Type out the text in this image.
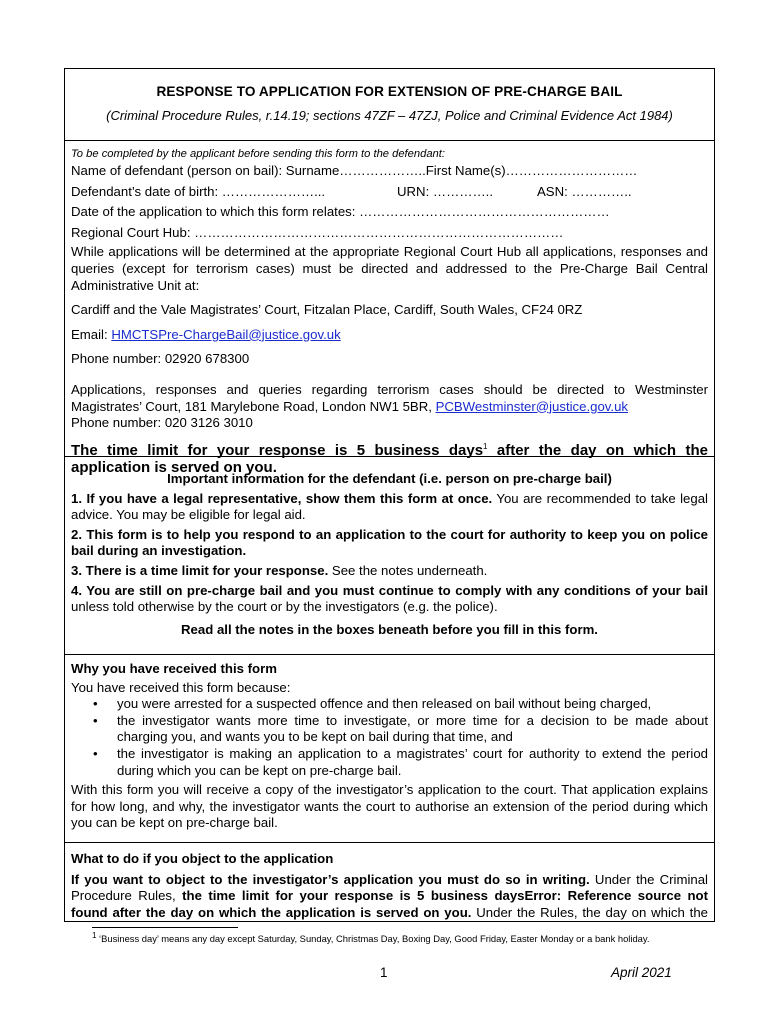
RESPONSE TO APPLICATION FOR EXTENSION OF PRE-CHARGE BAIL
(Criminal Procedure Rules, r.14.19; sections 47ZF – 47ZJ, Police and Criminal Evidence Act 1984)
To be completed by the applicant before sending this form to the defendant:
Name of defendant (person on bail): Surname………………..First Name(s)…………………………
Defendant’s date of birth: …………………...	URN: …………..	ASN: …………..
Date of the application to which this form relates: …………………………………………………
Regional Court Hub: …………………………………………………………………………
While applications will be determined at the appropriate Regional Court Hub all applications, responses and queries (except for terrorism cases) must be directed and addressed to the Pre-Charge Bail Central Administrative Unit at:
Cardiff and the Vale Magistrates’ Court, Fitzalan Place, Cardiff, South Wales, CF24 0RZ
Email: HMCTSPre-ChargeBail@justice.gov.uk
Phone number: 02920 678300
Applications, responses and queries regarding terrorism cases should be directed to Westminster Magistrates’ Court, 181 Marylebone Road, London NW1 5BR, PCBWestminster@justice.gov.uk
Phone number: 020 3126 3010
The time limit for your response is 5 business days$^1$ after the day on which the application is served on you.
Important information for the defendant (i.e. person on pre-charge bail)
1. If you have a legal representative, show them this form at once. You are recommended to take legal advice. You may be eligible for legal aid.
2. This form is to help you respond to an application to the court for authority to keep you on police bail during an investigation.
3. There is a time limit for your response. See the notes underneath.
4. You are still on pre-charge bail and you must continue to comply with any conditions of your bail unless told otherwise by the court or by the investigators (e.g. the police).
Read all the notes in the boxes beneath before you fill in this form.
Why you have received this form
You have received this form because:
• you were arrested for a suspected offence and then released on bail without being charged,
• the investigator wants more time to investigate, or more time for a decision to be made about charging you, and wants you to be kept on bail during that time, and
• the investigator is making an application to a magistrates’ court for authority to extend the period during which you can be kept on pre-charge bail.
With this form you will receive a copy of the investigator’s application to the court. That application explains for how long, and why, the investigator wants the court to authorise an extension of the period during which you can be kept on pre-charge bail.
What to do if you object to the application
If you want to object to the investigator’s application you must do so in writing. Under the Criminal Procedure Rules, the time limit for your response is 5 business daysError: Reference source not found after the day on which the application is served on you. Under the Rules, the day on which the
$^1$ ‘Business day’ means any day except Saturday, Sunday, Christmas Day, Boxing Day, Good Friday, Easter Monday or a bank holiday.
1	April 2021
